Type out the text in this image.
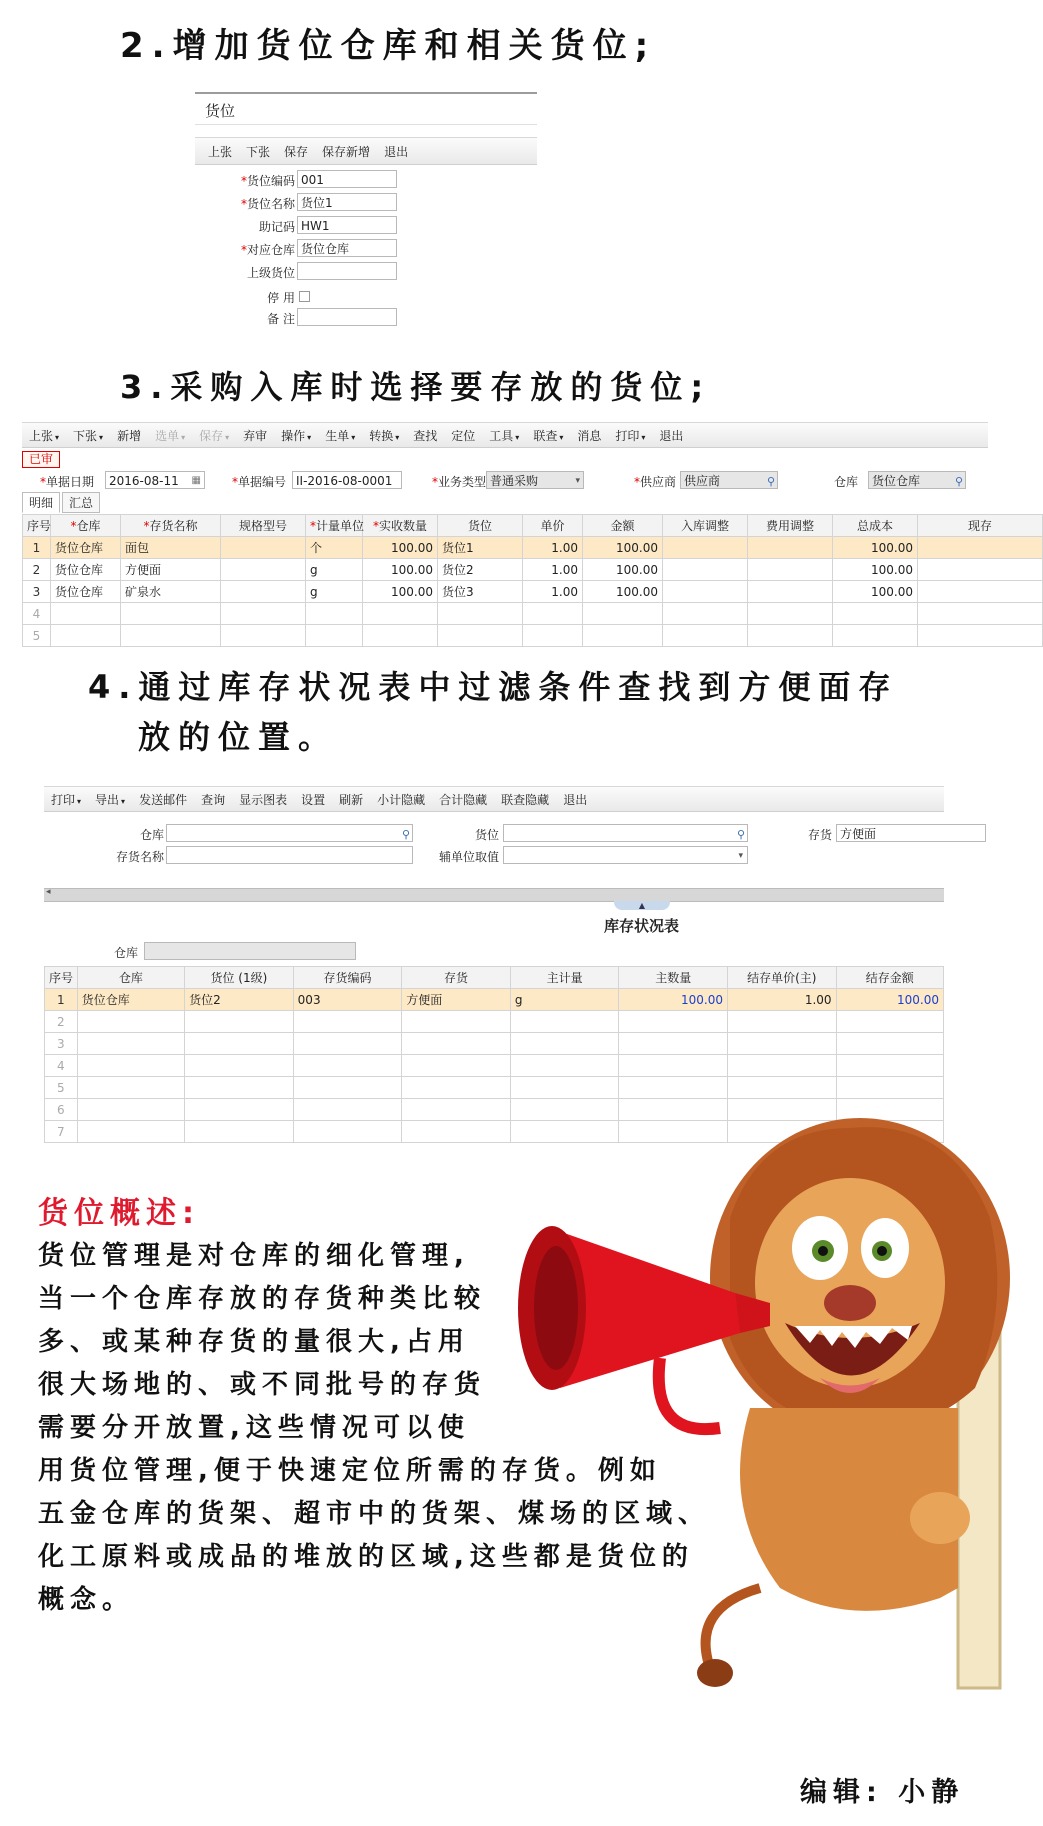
2.增加货位仓库和相关货位;
货位
上张	下张	保存	保存新增	退出
*货位编码 001
*货位名称 货位1
助记码 HW1
*对应仓库 货位仓库
上级货位
停 用
备 注
3.采购入库时选择要存放的货位;
上张 ▾	下张 ▾	新增	选单 ▾	保存 ▾	弃审	操作 ▾	生单 ▾	转换 ▾	查找	定位	工具 ▾	联查 ▾	消息	打印 ▾	退出
已审
*单据日期	2016-08-11 ▦	*单据编号 II-2016-08-0001	*业务类型 普通采购	▾	*供应商 供应商	⚲	仓库	货位仓库	⚲
明细	汇总
序号	*仓库	*存货名称	规格型号	*计量单位	*实收数量	货位	单价	金额	入库调整	费用调整	总成本	现存
1	货位仓库	面包		个	100.00	货位1	1.00	100.00			100.00	
2	货位仓库	方便面		g	100.00	货位2	1.00	100.00			100.00	
3	货位仓库	矿泉水		g	100.00	货位3	1.00	100.00			100.00	
4												
5												
4.通过库存状况表中过滤条件查找到方便面存
放的位置。
打印 ▾	导出 ▾	发送邮件	查询	显示图表	设置	刷新	小计隐藏	合计隐藏	联查隐藏	退出
仓库	⚲	货位	⚲	存货 方便面
存货名称	辅单位取值	▾
◂
▲
库存状况表
仓库
序号	仓库	货位 (1级)	存货编码	存货	主计量	主数量	结存单价(主)	结存金额
1	货位仓库	货位2	003	方便面	g	100.00	1.00	100.00
2								
3								
4								
5								
6								
7								
货位概述:
货位管理是对仓库的细化管理,
当一个仓库存放的存货种类比较
多、或某种存货的量很大,占用
很大场地的、或不同批号的存货
需要分开放置,这些情况可以使
用货位管理,便于快速定位所需的存货。例如
五金仓库的货架、超市中的货架、煤场的区域、
化工原料或成品的堆放的区域,这些都是货位的
概念。
编辑: 小静
